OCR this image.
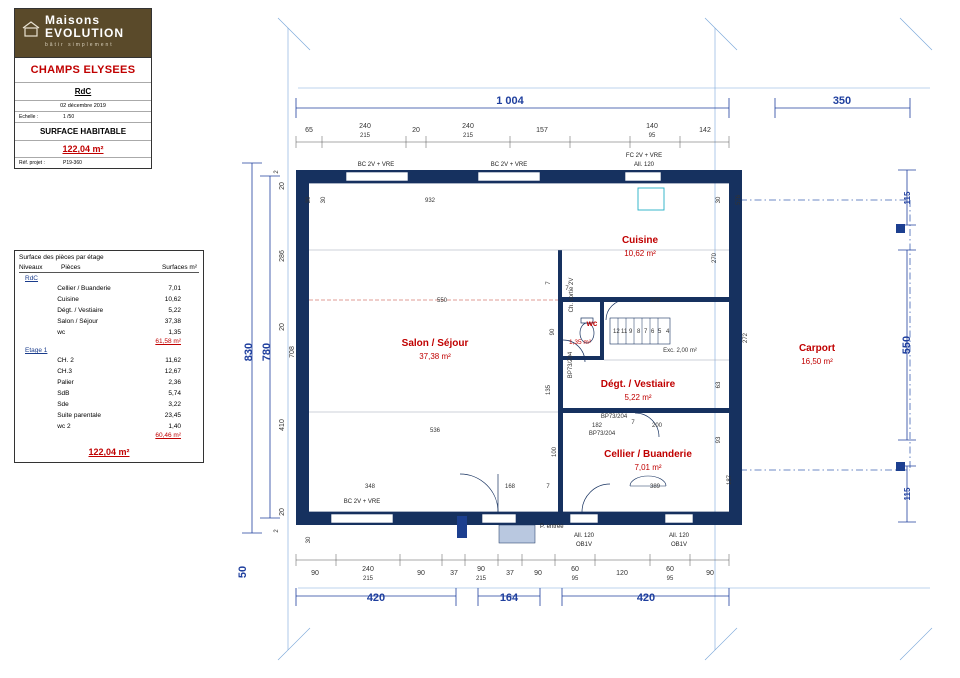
Maisons
EVOLUTION
bâtir simplement
CHAMPS ELYSEES
RdC
02 décembre 2019
Echelle :	1 /50
SURFACE HABITABLE
122,04 m²
Réf. projet :	P19-360
Surface des pièces par étage
Niveaux	Pièces	Surfaces m²
RdC
Cellier / Buanderie	7,01
Cuisine	10,62
Dégt. / Vestiaire	5,22
Salon / Séjour	37,38
wc	1,35
61,58 m²
Etage 1
CH. 2	11,62
CH.3	12,67
Palier	2,36
SdB	5,74
Sde	3,22
Suite parentale	23,45
wc 2	1,40
60,46 m²
122,04 m²
12 11 9 8 7 6 5 4
1 004	350
420	164	420
830 780
50
115
550
115
286
708
410
20
20
20
2
2
65
240
215
20
240
215
157
140
95
142
90
240
215
90	37
90
215
37	90
60
95
120
60
95
90
BC 2V + VRE	BC 2V + VRE
FC 2V + VRE
All. 120
BC 2V + VRE
All. 120
OB1V
All. 120
OB1V
Cuisine
10,62 m²
Salon / Séjour
37,38 m²
wc
1,35 m²
Dégt. / Vestiaire
5,22 m²
Cellier / Buanderie
7,01 m²
Carport
16,50 m²
932
550	389
536
182	200
389
348	168	7
30 30
30
30 576
270
272
63
93
187
100
135
90
7
7
7
Exc. 2,00 m²
P. entrée
BP73/204
BP73/204
BP73/204
Ch. sortie 2V
